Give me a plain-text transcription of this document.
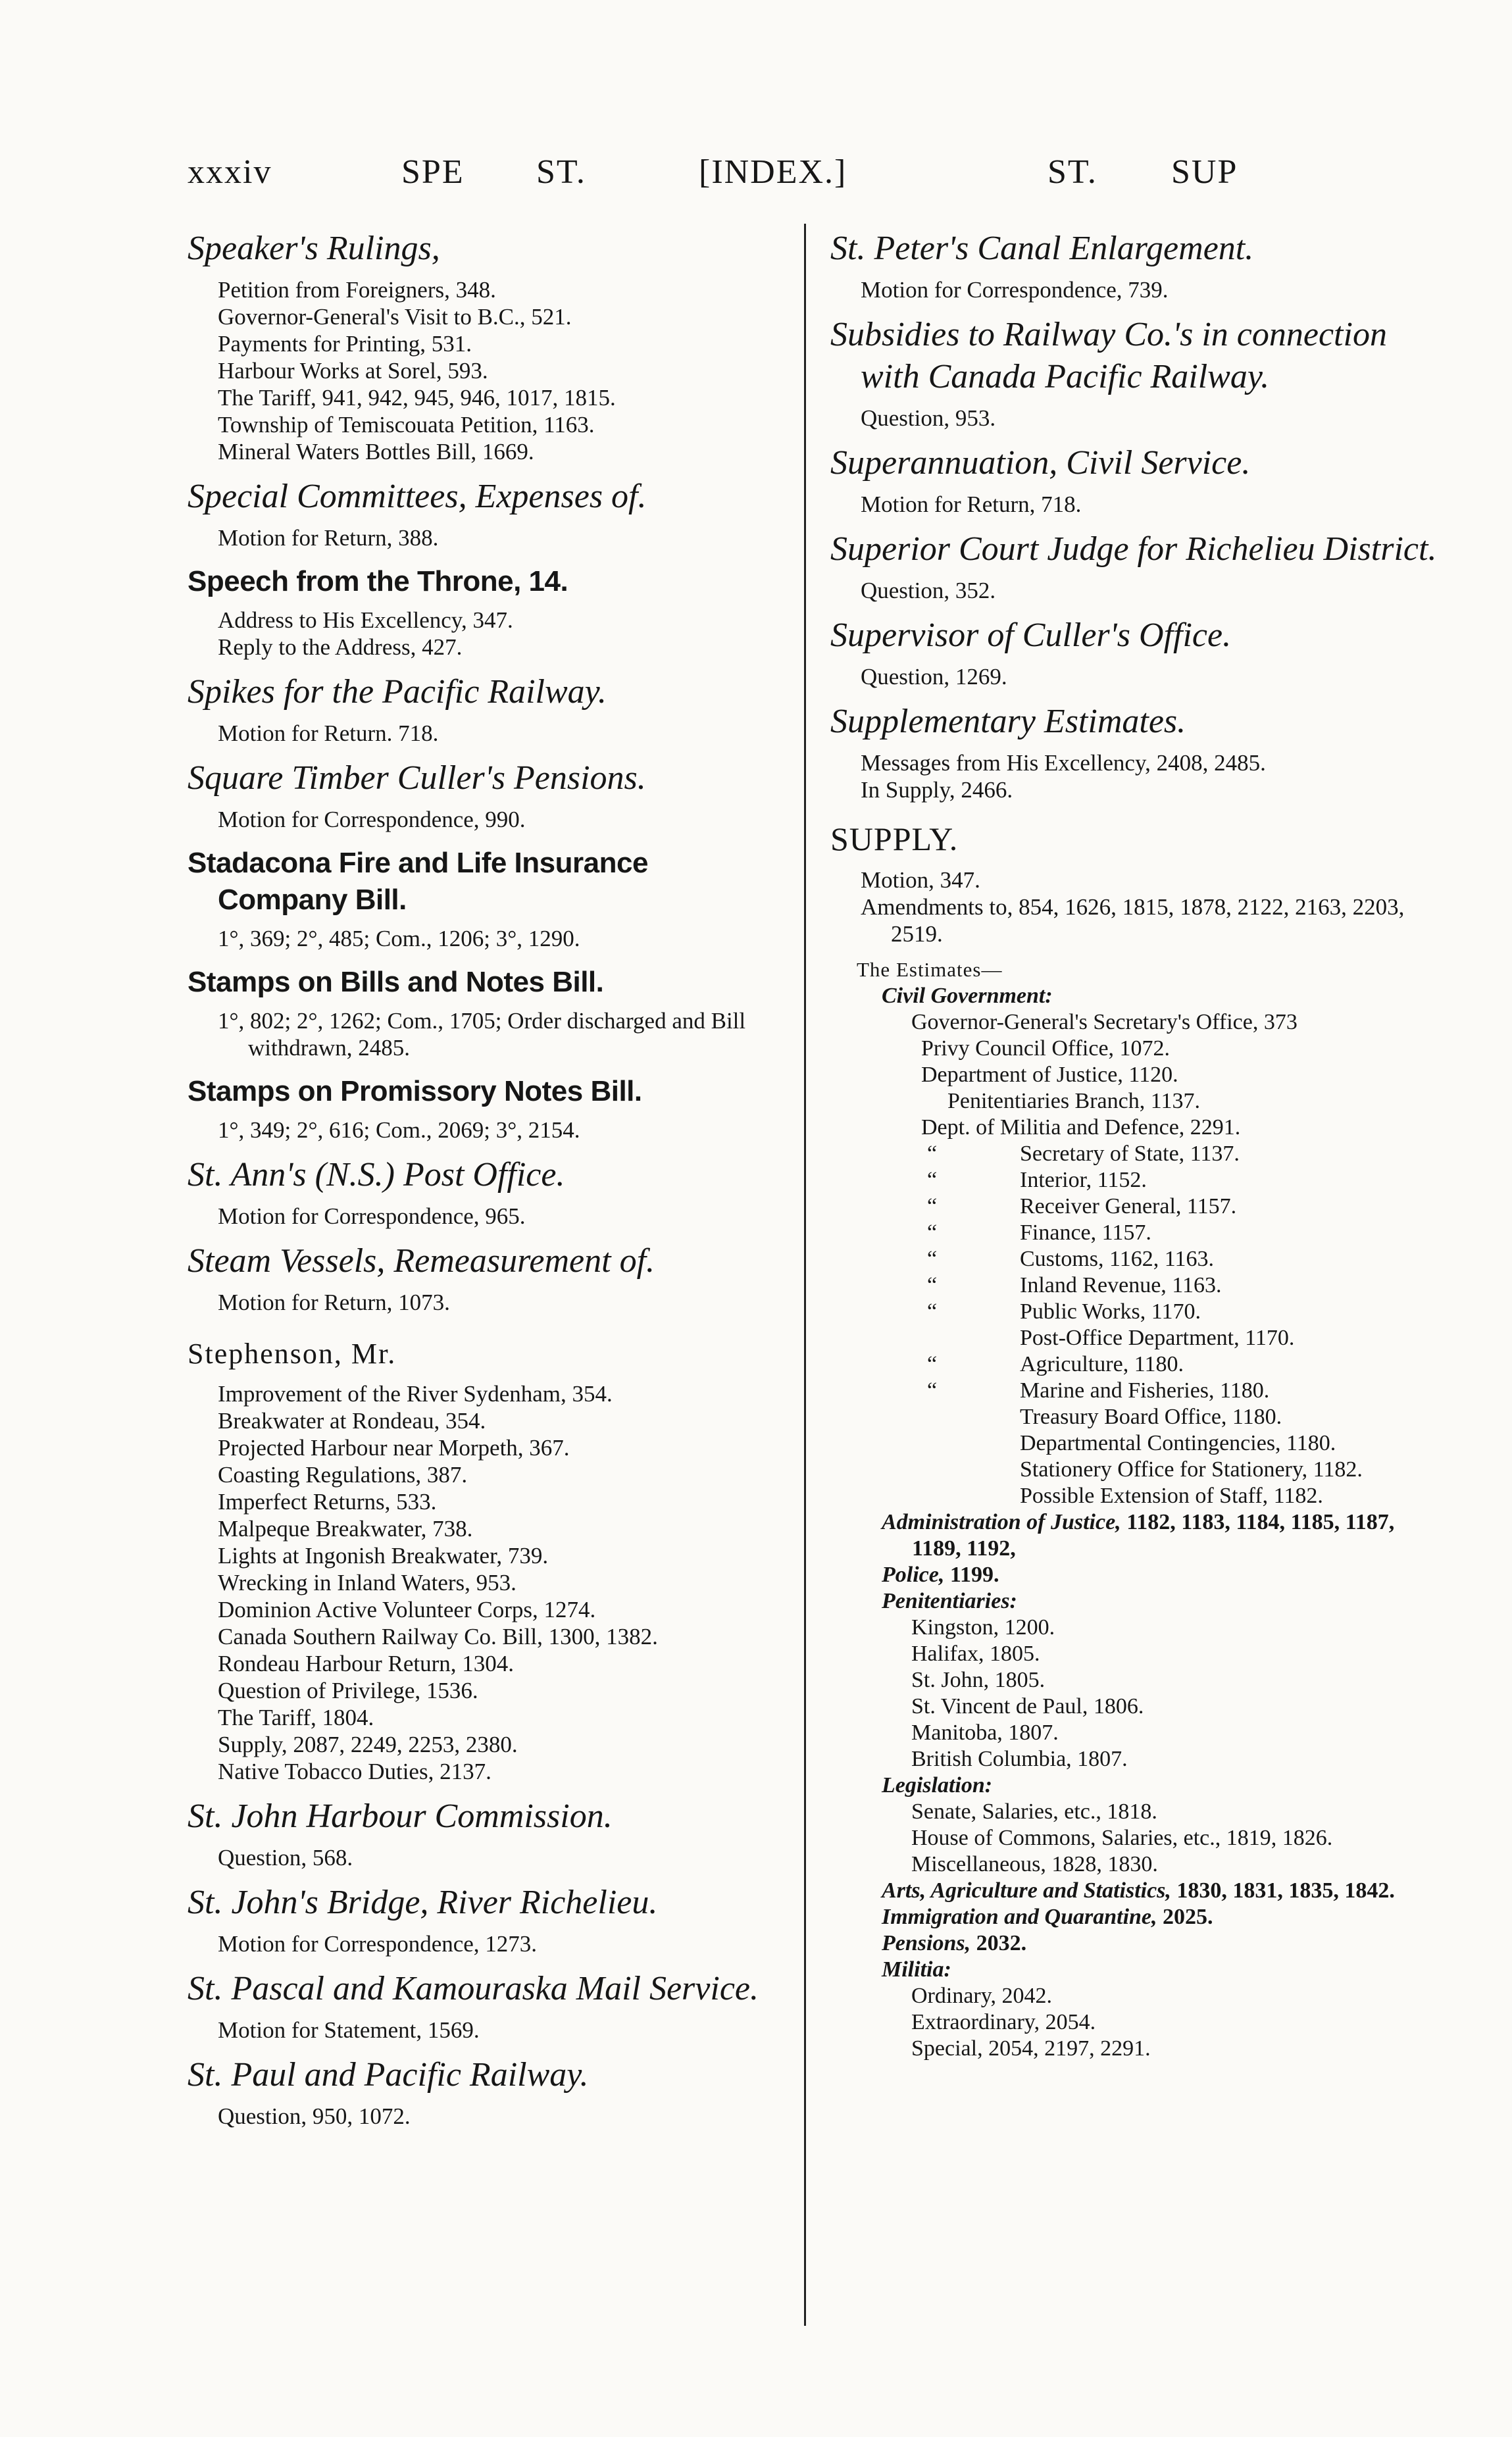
xxxiv	SPE ST.	[INDEX.]	ST. SUP
Speaker's Rulings,
Petition from Foreigners, 348.
Governor-General's Visit to B.C., 521.
Payments for Printing, 531.
Harbour Works at Sorel, 593.
The Tariff, 941, 942, 945, 946, 1017, 1815.
Township of Temiscouata Petition, 1163.
Mineral Waters Bottles Bill, 1669.
Special Committees, Expenses of.
Motion for Return, 388.
Speech from the Throne, 14.
Address to His Excellency, 347.
Reply to the Address, 427.
Spikes for the Pacific Railway.
Motion for Return. 718.
Square Timber Culler's Pensions.
Motion for Correspondence, 990.
Stadacona Fire and Life Insurance Company Bill.
1°, 369; 2°, 485; Com., 1206; 3°, 1290.
Stamps on Bills and Notes Bill.
1°, 802; 2°, 1262; Com., 1705; Order discharged and Bill withdrawn, 2485.
Stamps on Promissory Notes Bill.
1°, 349; 2°, 616; Com., 2069; 3°, 2154.
St. Ann's (N.S.) Post Office.
Motion for Correspondence, 965.
Steam Vessels, Remeasurement of.
Motion for Return, 1073.
Stephenson, Mr.
Improvement of the River Sydenham, 354.
Breakwater at Rondeau, 354.
Projected Harbour near Morpeth, 367.
Coasting Regulations, 387.
Imperfect Returns, 533.
Malpeque Breakwater, 738.
Lights at Ingonish Breakwater, 739.
Wrecking in Inland Waters, 953.
Dominion Active Volunteer Corps, 1274.
Canada Southern Railway Co. Bill, 1300, 1382.
Rondeau Harbour Return, 1304.
Question of Privilege, 1536.
The Tariff, 1804.
Supply, 2087, 2249, 2253, 2380.
Native Tobacco Duties, 2137.
St. John Harbour Commission.
Question, 568.
St. John's Bridge, River Richelieu.
Motion for Correspondence, 1273.
St. Pascal and Kamouraska Mail Service.
Motion for Statement, 1569.
St. Paul and Pacific Railway.
Question, 950, 1072.
St. Peter's Canal Enlargement.
Motion for Correspondence, 739.
Subsidies to Railway Co.'s in connection with Canada Pacific Railway.
Question, 953.
Superannuation, Civil Service.
Motion for Return, 718.
Superior Court Judge for Richelieu District.
Question, 352.
Supervisor of Culler's Office.
Question, 1269.
Supplementary Estimates.
Messages from His Excellency, 2408, 2485.
In Supply, 2466.
SUPPLY.
Motion, 347.
Amendments to, 854, 1626, 1815, 1878, 2122, 2163, 2203, 2519.
The Estimates—
Civil Government:
Governor-General's Secretary's Office, 373
Privy Council Office, 1072.
Department of Justice, 1120.
Penitentiaries Branch, 1137.
Dept. of Militia and Defence, 2291.
“	Secretary of State, 1137.
“	Interior, 1152.
“	Receiver General, 1157.
“	Finance, 1157.
“	Customs, 1162, 1163.
“	Inland Revenue, 1163.
“	Public Works, 1170.
Post-Office Department, 1170.
“	Agriculture, 1180.
“	Marine and Fisheries, 1180.
Treasury Board Office, 1180.
Departmental Contingencies, 1180.
Stationery Office for Stationery, 1182.
Possible Extension of Staff, 1182.
Administration of Justice, 1182, 1183, 1184, 1185, 1187, 1189, 1192,
Police, 1199.
Penitentiaries:
Kingston, 1200.
Halifax, 1805.
St. John, 1805.
St. Vincent de Paul, 1806.
Manitoba, 1807.
British Columbia, 1807.
Legislation:
Senate, Salaries, etc., 1818.
House of Commons, Salaries, etc., 1819, 1826.
Miscellaneous, 1828, 1830.
Arts, Agriculture and Statistics, 1830, 1831, 1835, 1842.
Immigration and Quarantine, 2025.
Pensions, 2032.
Militia:
Ordinary, 2042.
Extraordinary, 2054.
Special, 2054, 2197, 2291.
